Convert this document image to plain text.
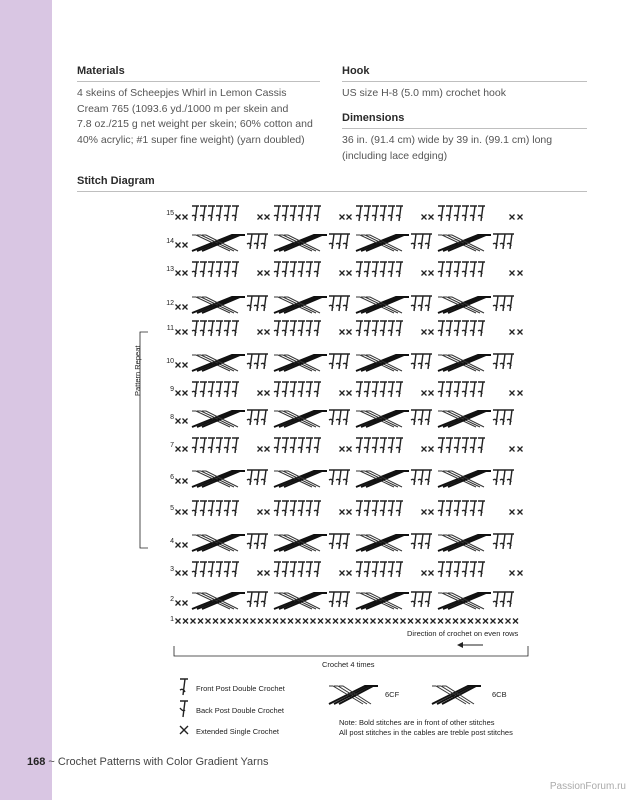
Materials
4 skeins of Scheepjes Whirl in Lemon Cassis
Cream 765 (1093.6 yd./1000 m per skein and
7.8 oz./215 g net weight per skein; 60% cotton and
40% acrylic; #1 super fine weight) (yarn doubled)
Hook
US size H-8 (5.0 mm) crochet hook
Dimensions
36 in. (91.4 cm) wide by 39 in. (99.1 cm) long
(including lace edging)
Stitch Diagram
15
14
13
12
11
10
9
8
7
6
5
4
3
2
1
Pattern Repeat
Direction of crochet on even rows
Crochet 4 times
Front Post Double Crochet
Back Post Double Crochet
Extended Single Crochet
6CF	6CB
Note: Bold stitches are in front of other stitches
All post stitches in the cables are treble post stitches
168 ~ Crochet Patterns with Color Gradient Yarns
PassionForum.ru
